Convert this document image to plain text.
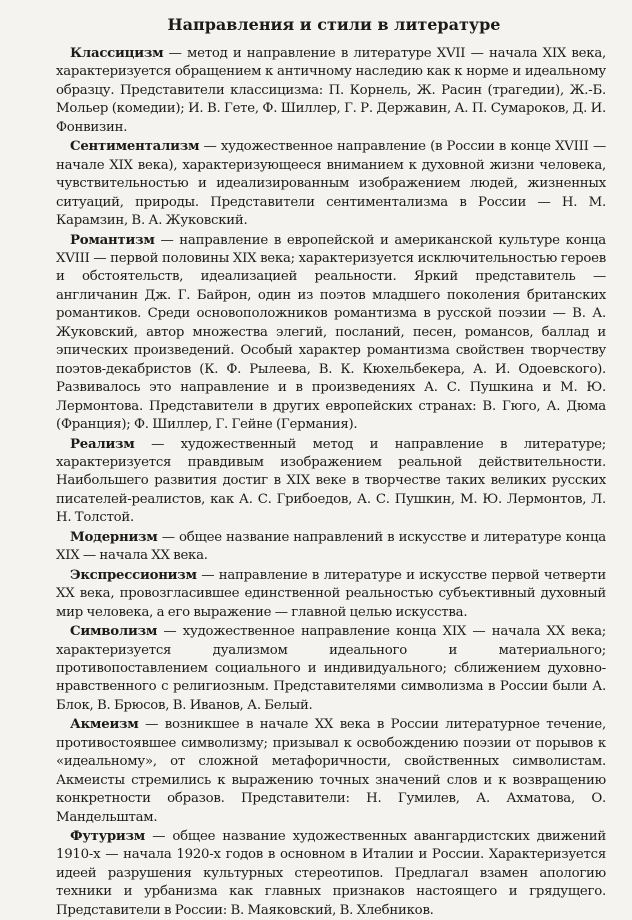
Направления и стили в литературе

Классицизм — метод и направление в литературе XVII — начала XIX века, характеризуется обращением к античному наследию как к норме и идеальному образцу. Представители классицизма: П. Корнель, Ж. Расин (трагедии), Ж.-Б. Мольер (комедии); И. В. Гете, Ф. Шиллер, Г. Р. Державин, А. П. Сумароков, Д. И. Фонвизин.

Сентиментализм — художественное направление (в России в конце XVIII — начале XIX века), характеризующееся вниманием к духовной жизни человека, чувствительностью и идеализированным изображением людей, жизненных ситуаций, природы. Представители сентиментализма в России — Н. М. Карамзин, В. А. Жуковский.

Романтизм — направление в европейской и американской культуре конца XVIII — первой половины XIX века; характеризуется исключительностью героев и обстоятельств, идеализацией реальности. Яркий представитель — англичанин Дж. Г. Байрон, один из поэтов младшего поколения британских романтиков. Среди основоположников романтизма в русской поэзии — В. А. Жуковский, автор множества элегий, посланий, песен, романсов, баллад и эпических произведений. Особый характер романтизма свойствен творчеству поэтов-декабристов (К. Ф. Рылеева, В. К. Кюхельбекера, А. И. Одоевского). Развивалось это направление и в произведениях А. С. Пушкина и М. Ю. Лермонтова. Представители в других европейских странах: В. Гюго, А. Дюма (Франция); Ф. Шиллер, Г. Гейне (Германия).

Реализм — художественный метод и направление в литературе; характеризуется правдивым изображением реальной действительности. Наибольшего развития достиг в XIX веке в творчестве таких великих русских писателей-реалистов, как А. С. Грибоедов, А. С. Пушкин, М. Ю. Лермонтов, Л. Н. Толстой.

Модернизм — общее название направлений в искусстве и литературе конца XIX — начала XX века.

Экспрессионизм — направление в литературе и искусстве первой четверти XX века, провозгласившее единственной реальностью субъективный духовный мир человека, а его выражение — главной целью искусства.

Символизм — художественное направление конца XIX — начала XX века; характеризуется дуализмом идеального и материального; противопоставлением социального и индивидуального; сближением духовно-нравственного с религиозным. Представителями символизма в России были А. Блок, В. Брюсов, В. Иванов, А. Белый.

Акмеизм — возникшее в начале XX века в России литературное течение, противостоявшее символизму; призывал к освобождению поэзии от порывов к «идеальному», от сложной метафоричности, свойственных символистам. Акмеисты стремились к выражению точных значений слов и к возвращению конкретности образов. Представители: Н. Гумилев, А. Ахматова, О. Мандельштам.

Футуризм — общее название художественных авангардистских движений 1910-х — начала 1920-х годов в основном в Италии и России. Характеризуется идеей разрушения культурных стереотипов. Предлагал взамен апологию техники и урбанизма как главных признаков настоящего и грядущего. Представители в России: В. Маяковский, В. Хлебников.
